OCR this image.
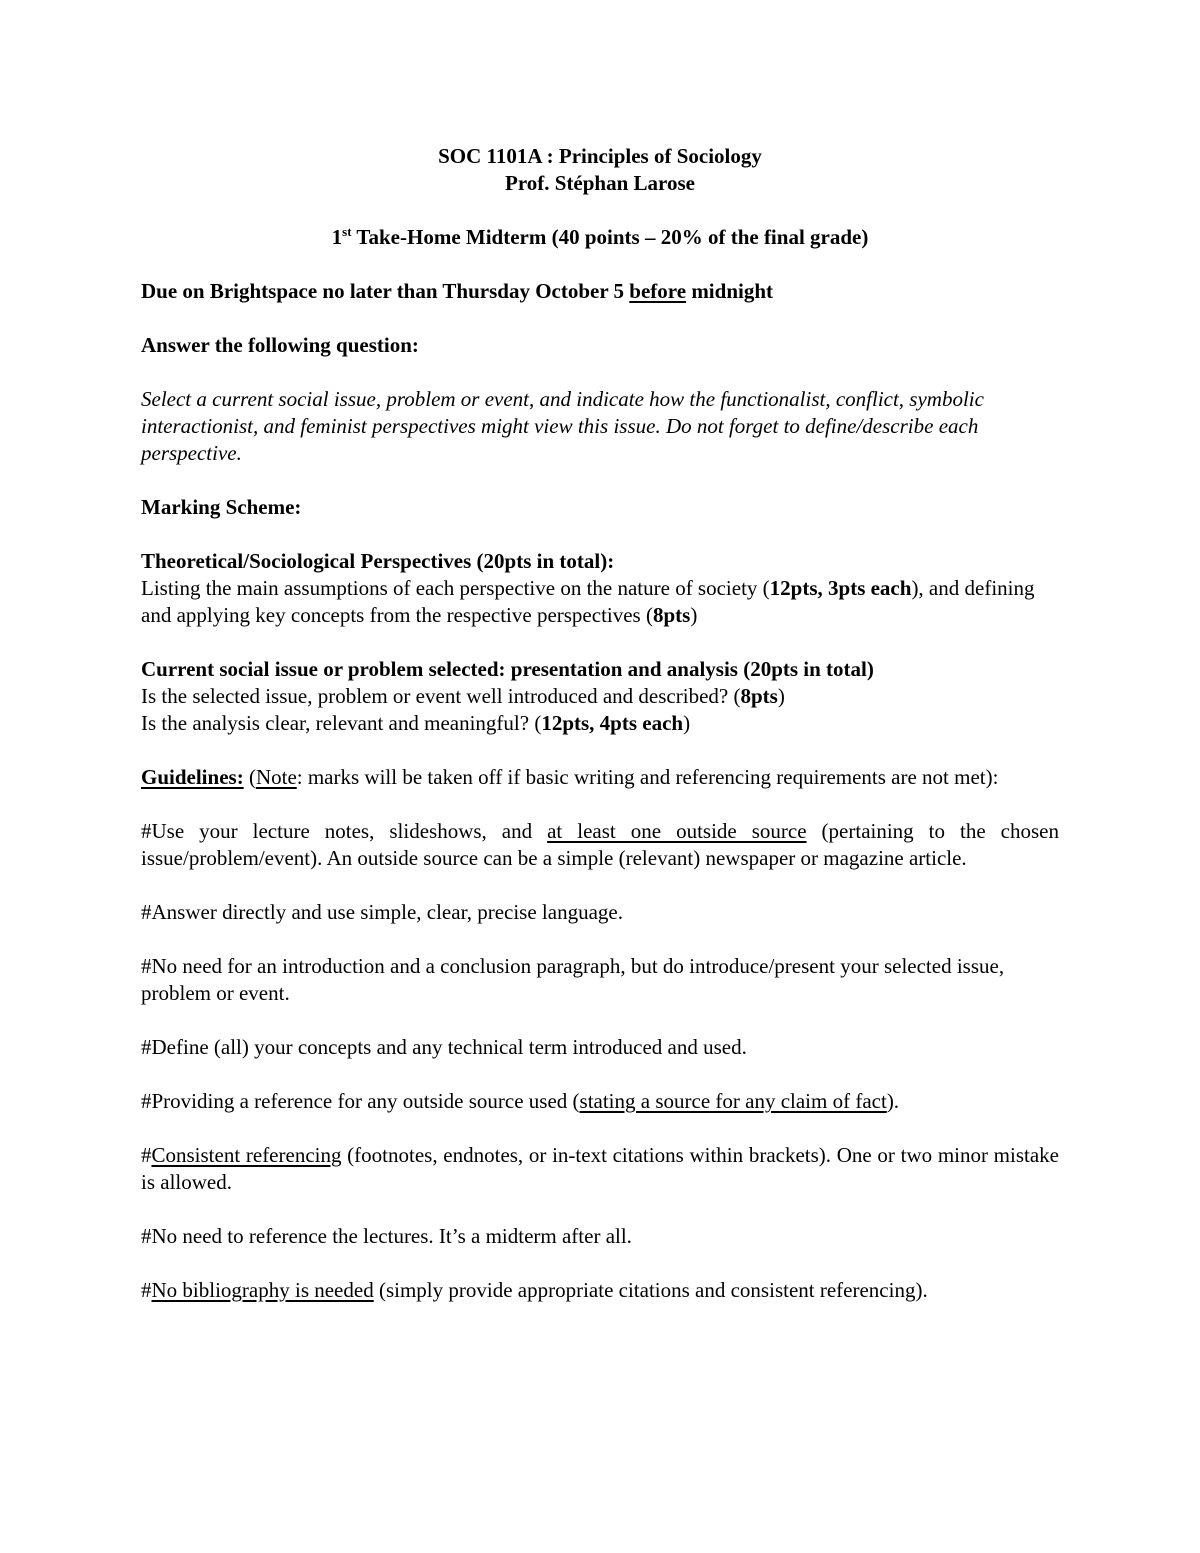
SOC 1101A : Principles of Sociology

Prof. Stéphan Larose

1st Take-Home Midterm (40 points – 20% of the final grade)

Due on Brightspace no later than Thursday October 5 before midnight

Answer the following question:

Select a current social issue, problem or event, and indicate how the functionalist, conflict, symbolic interactionist, and feminist perspectives might view this issue. Do not forget to define/describe each perspective.

Marking Scheme:

Theoretical/Sociological Perspectives (20pts in total):

Listing the main assumptions of each perspective on the nature of society (12pts, 3pts each), and defining and applying key concepts from the respective perspectives (8pts)

Current social issue or problem selected: presentation and analysis (20pts in total)

Is the selected issue, problem or event well introduced and described? (8pts)

Is the analysis clear, relevant and meaningful? (12pts, 4pts each)

Guidelines: (Note: marks will be taken off if basic writing and referencing requirements are not met):

#Use your lecture notes, slideshows, and at least one outside source (pertaining to the chosen issue/problem/event). An outside source can be a simple (relevant) newspaper or magazine article.

#Answer directly and use simple, clear, precise language.

#No need for an introduction and a conclusion paragraph, but do introduce/present your selected issue, problem or event.

#Define (all) your concepts and any technical term introduced and used.

#Providing a reference for any outside source used (stating a source for any claim of fact).

#Consistent referencing (footnotes, endnotes, or in-text citations within brackets). One or two minor mistake is allowed.

#No need to reference the lectures. It’s a midterm after all.

#No bibliography is needed (simply provide appropriate citations and consistent referencing).
